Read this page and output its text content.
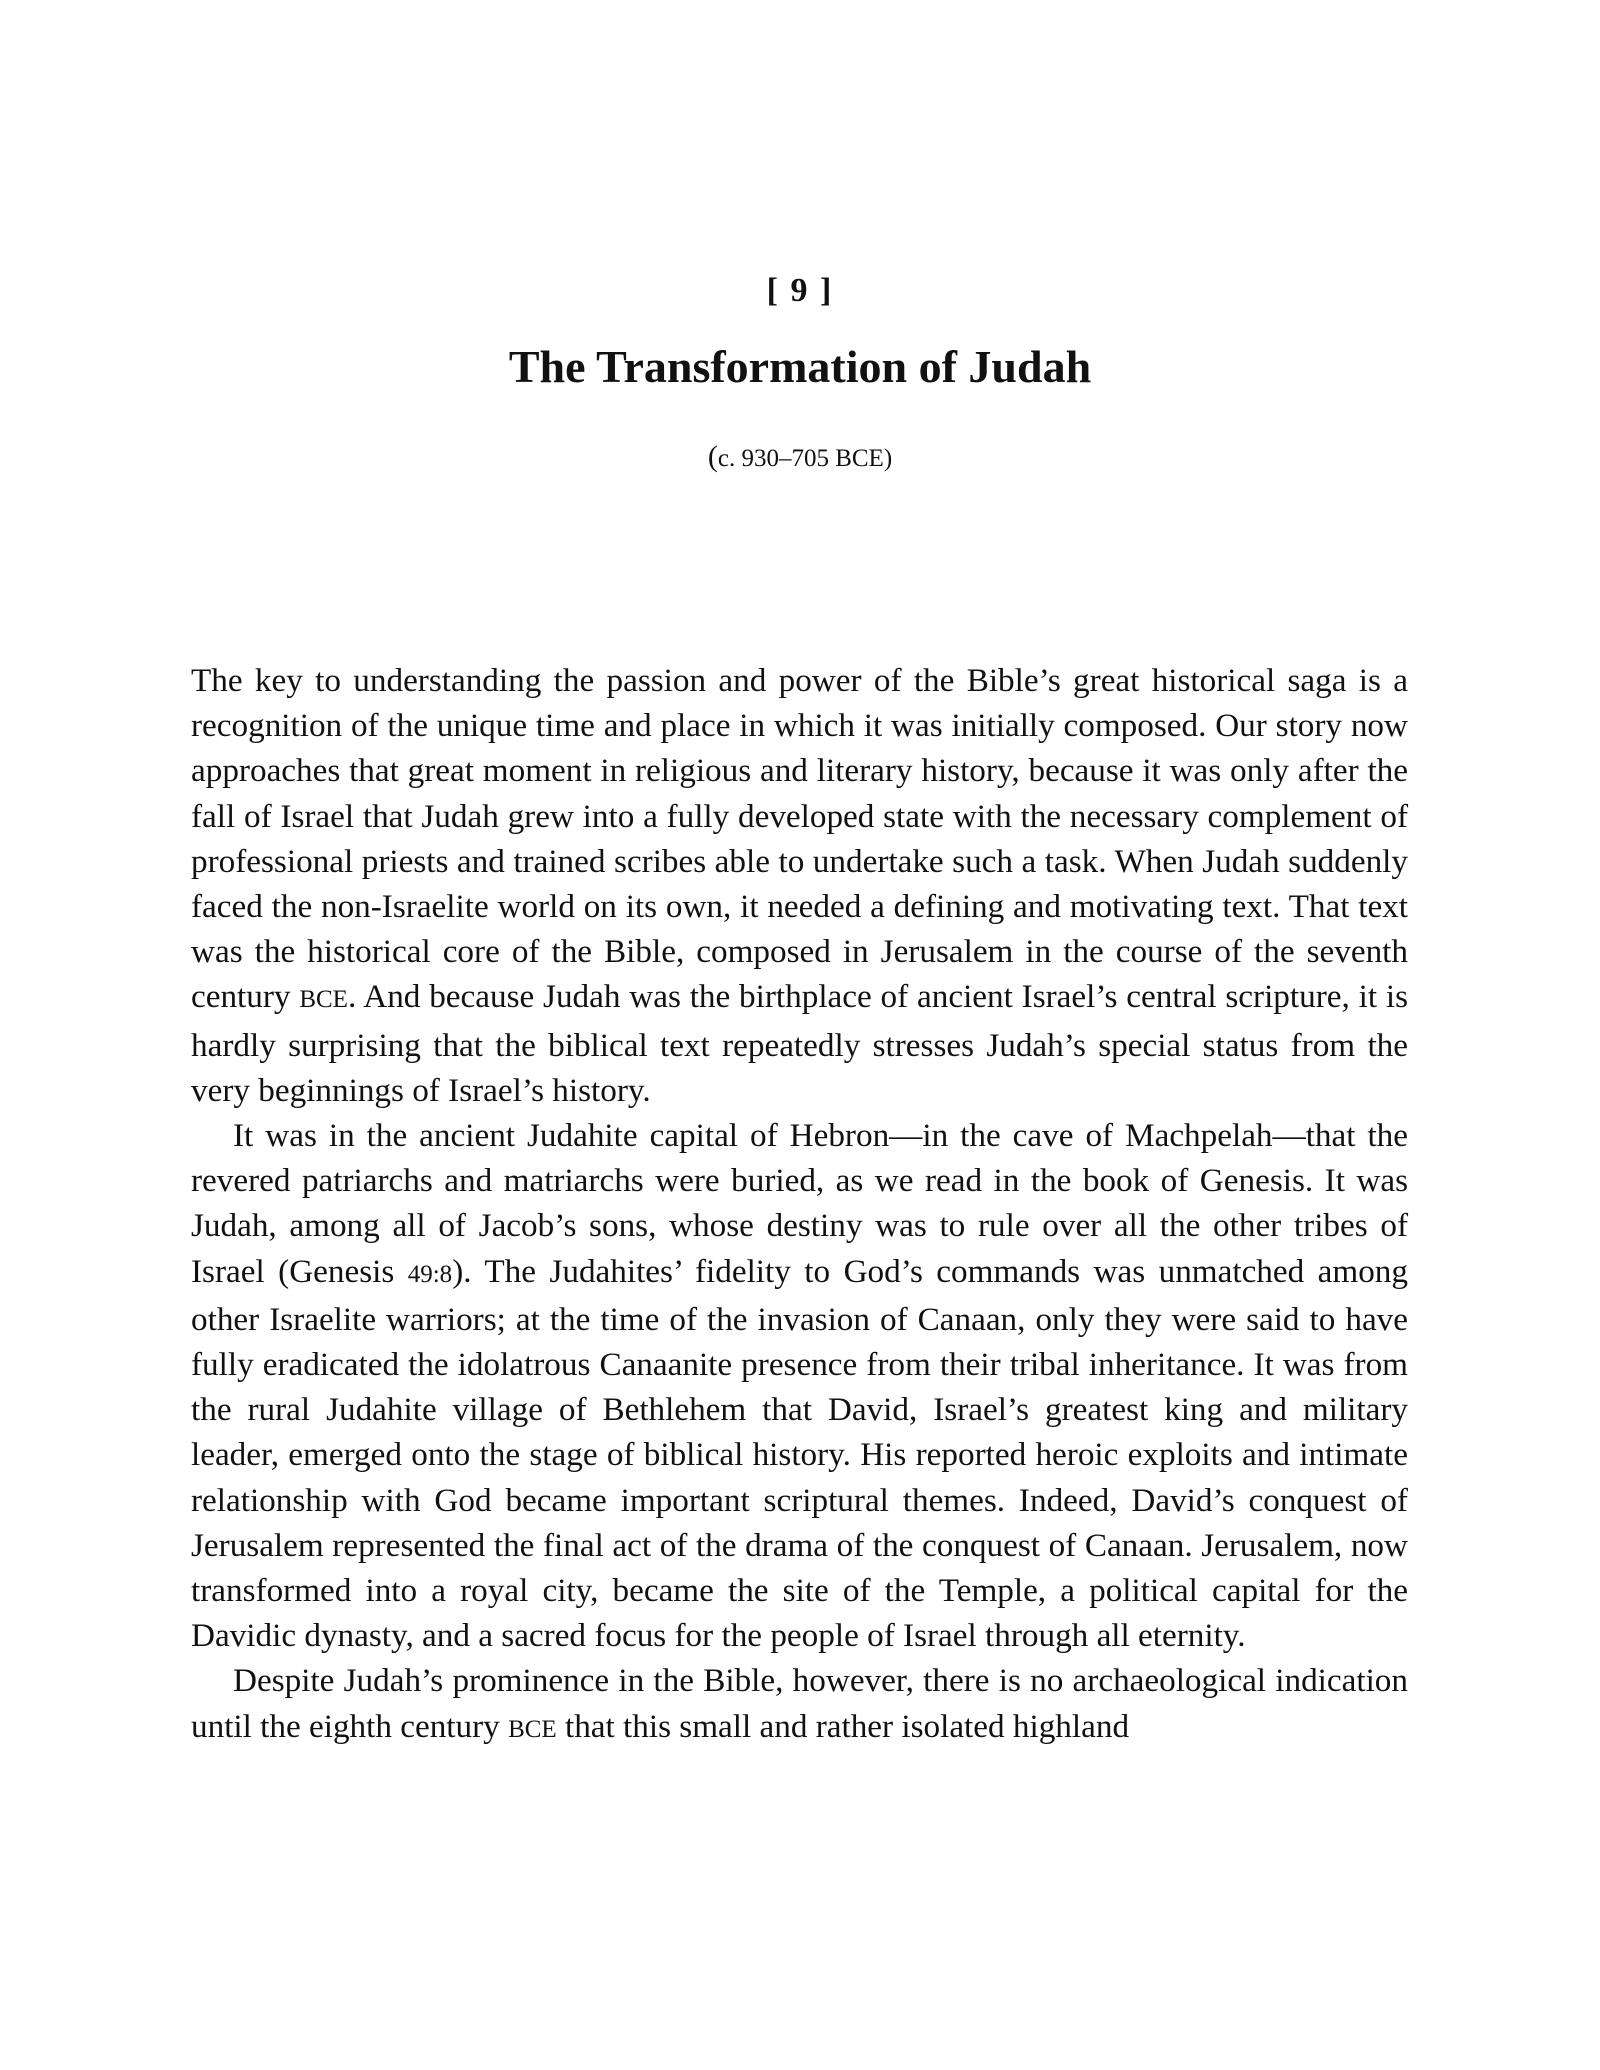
[ 9 ]
The Transformation of Judah
(c. 930–705 BCE)

The key to understanding the passion and power of the Bible’s great historical saga is a recognition of the unique time and place in which it was initially composed. Our story now approaches that great moment in religious and literary history, because it was only after the fall of Israel that Judah grew into a fully developed state with the necessary complement of professional priests and trained scribes able to undertake such a task. When Judah suddenly faced the non-Israelite world on its own, it needed a defining and motivating text. That text was the historical core of the Bible, composed in Jerusalem in the course of the seventh century BCE. And because Judah was the birthplace of ancient Israel’s central scripture, it is hardly surprising that the biblical text repeatedly stresses Judah’s special status from the very beginnings of Israel’s history.

It was in the ancient Judahite capital of Hebron—in the cave of Machpelah—that the revered patriarchs and matriarchs were buried, as we read in the book of Genesis. It was Judah, among all of Jacob’s sons, whose destiny was to rule over all the other tribes of Israel (Genesis 49:8). The Judahites’ fidelity to God’s commands was unmatched among other Israelite warriors; at the time of the invasion of Canaan, only they were said to have fully eradicated the idolatrous Canaanite presence from their tribal inheritance. It was from the rural Judahite village of Bethlehem that David, Israel’s greatest king and military leader, emerged onto the stage of biblical history. His reported heroic exploits and intimate relationship with God became important scriptural themes. Indeed, David’s conquest of Jerusalem represented the final act of the drama of the conquest of Canaan. Jerusalem, now transformed into a royal city, became the site of the Temple, a political capital for the Davidic dynasty, and a sacred focus for the people of Israel through all eternity.

Despite Judah’s prominence in the Bible, however, there is no archaeological indication until the eighth century BCE that this small and rather isolated highland
